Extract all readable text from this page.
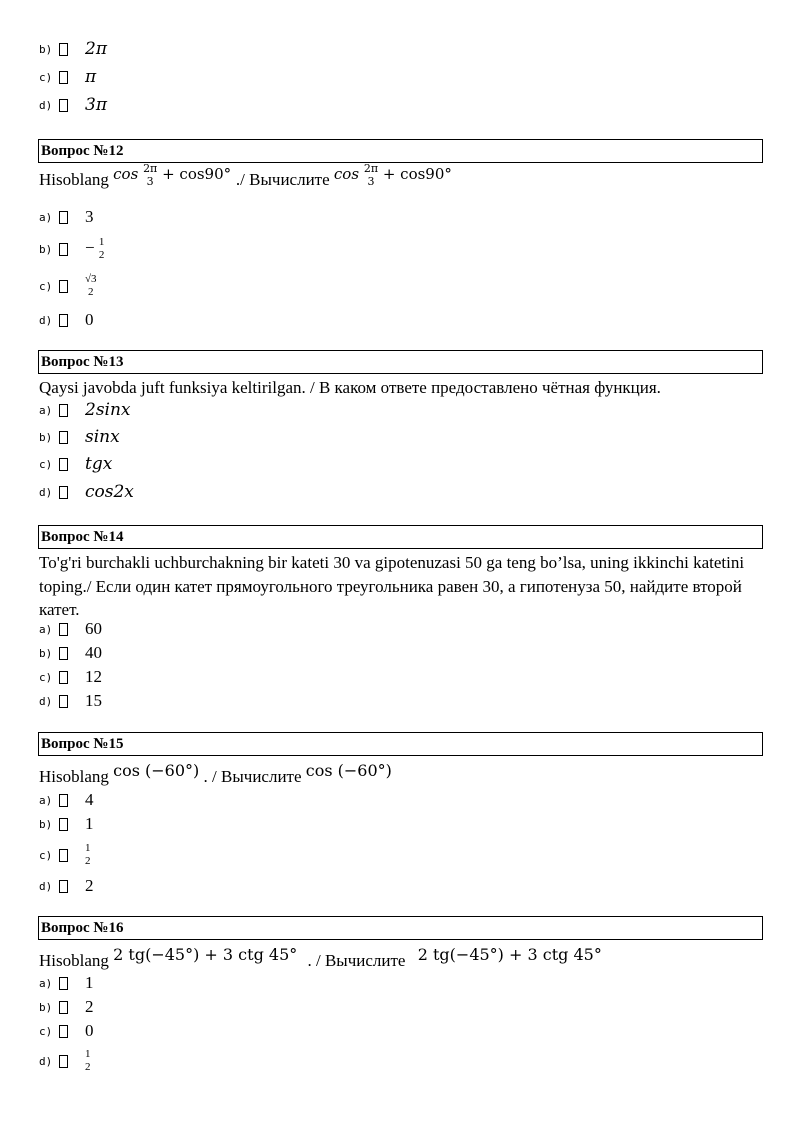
b)	2π
c)	π
d)	3π
Вопрос №12
Hisoblang cos 2π
3 + cos90° ./ Вычислите cos 2π
3 + cos90°
a)	3
b)	− 1
2
c)
√3
2
d)	0
Вопрос №13
Qaysi javobda juft funksiya keltirilgan. / В каком ответе предоставлено чётная функция.
a)	2sinx
b)	sinx
c)	tgx
d)	cos2x
Вопрос №14
To'g'ri burchakli uchburchakning bir kateti 30 va gipotenuzasi 50 ga teng bo’lsa, uning ikkinchi katetini toping./ Если один катет прямоугольного треугольника равен 30, а гипотенуза 50, найдите второй катет.
a)	60
b)	40
c)	12
d)	15
Вопрос №15
Hisoblang cos (−60°) . / Вычислите cos (−60°)
a)	4
b)	1
c)
1
2
d)	2
Вопрос №16
Hisoblang 2 tg(−45°) + 3 ctg 45° . / Вычислите 2 tg(−45°) + 3 ctg 45°
a)	1
b)	2
c)	0
d)
1
2
